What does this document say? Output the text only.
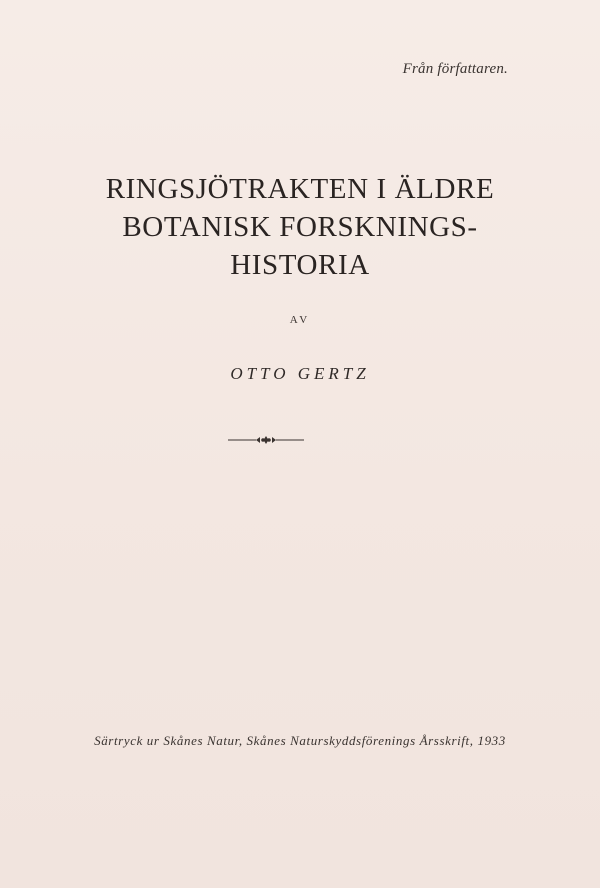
Från författaren.
RINGSJÖTRAKTEN I ÄLDRE
BOTANISK FORSKNINGS-
HISTORIA
AV
OTTO GERTZ
Särtryck ur Skånes Natur, Skånes Naturskyddsförenings Årsskrift, 1933
